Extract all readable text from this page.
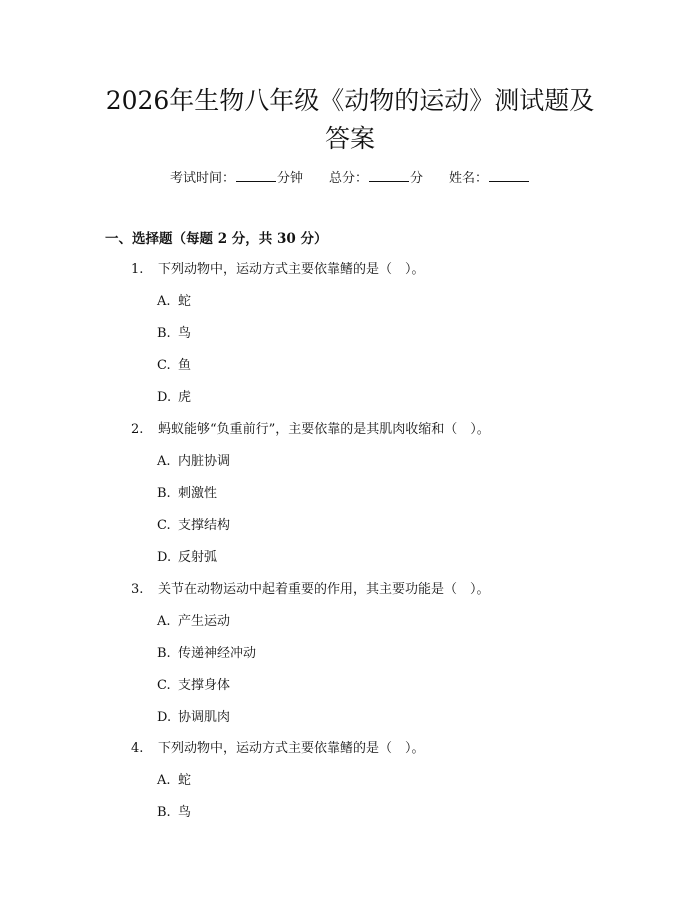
2026年生物八年级《动物的运动》测试题及
答案
考试时间：	分钟 总分：	分 姓名：
一、选择题（每题 2 分，共 30 分）
1. 下列动物中，运动方式主要依靠鳍的是（　）。
A. 蛇
B. 鸟
C. 鱼
D. 虎
2. 蚂蚁能够“负重前行”，主要依靠的是其肌肉收缩和（　）。
A. 内脏协调
B. 刺激性
C. 支撑结构
D. 反射弧
3. 关节在动物运动中起着重要的作用，其主要功能是（　）。
A. 产生运动
B. 传递神经冲动
C. 支撑身体
D. 协调肌肉
4. 下列动物中，运动方式主要依靠鳍的是（　）。
A. 蛇
B. 鸟
